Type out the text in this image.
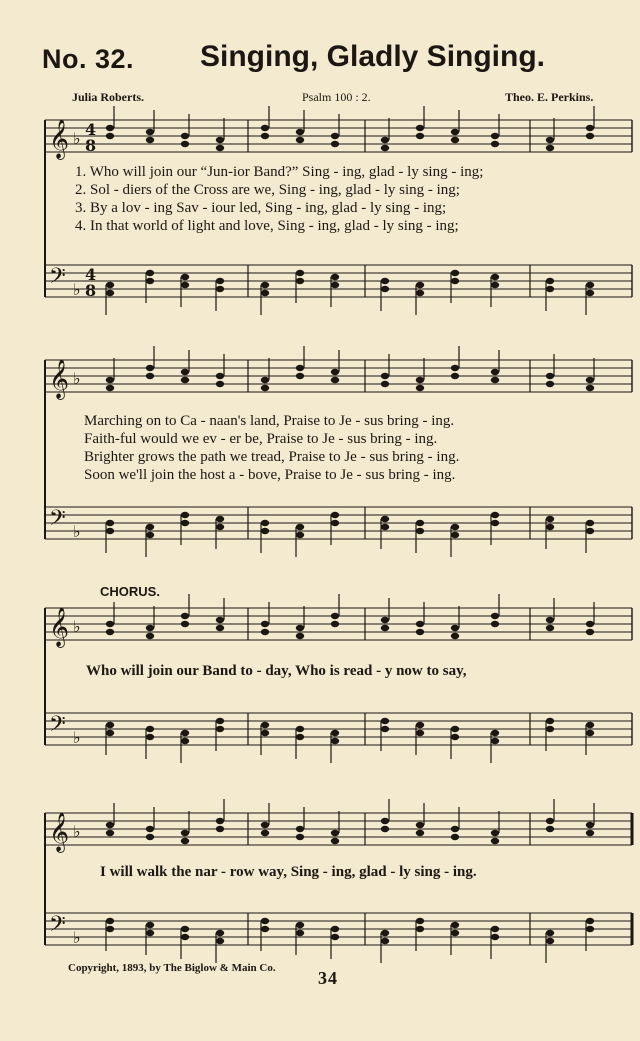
No. 32. Singing, Gladly Singing.
Julia Roberts.	Psalm 100 : 2.	Theo. E. Perkins.
𝄞 ♭
𝄢 ♭
4
8
4
8
𝄞 ♭
𝄢 ♭
𝄞 ♭
𝄢 ♭
𝄞 ♭
𝄢 ♭
1. Who will join our “Jun-ior Band?” Sing - ing, glad - ly sing - ing;
2. Sol - diers of the Cross are we, Sing - ing, glad - ly sing - ing;
3. By a lov - ing Sav - iour led, Sing - ing, glad - ly sing - ing;
4. In that world of light and love, Sing - ing, glad - ly sing - ing;
Marching on to Ca - naan's land, Praise to Je - sus bring - ing.
Faith-ful would we ev - er be, Praise to Je - sus bring - ing.
Brighter grows the path we tread, Praise to Je - sus bring - ing.
Soon we'll join the host a - bove, Praise to Je - sus bring - ing.
CHORUS.
Who will join our Band to - day, Who is read - y now to say,
I will walk the nar - row way, Sing - ing, glad - ly sing - ing.
Copyright, 1893, by The Biglow & Main Co. 34
